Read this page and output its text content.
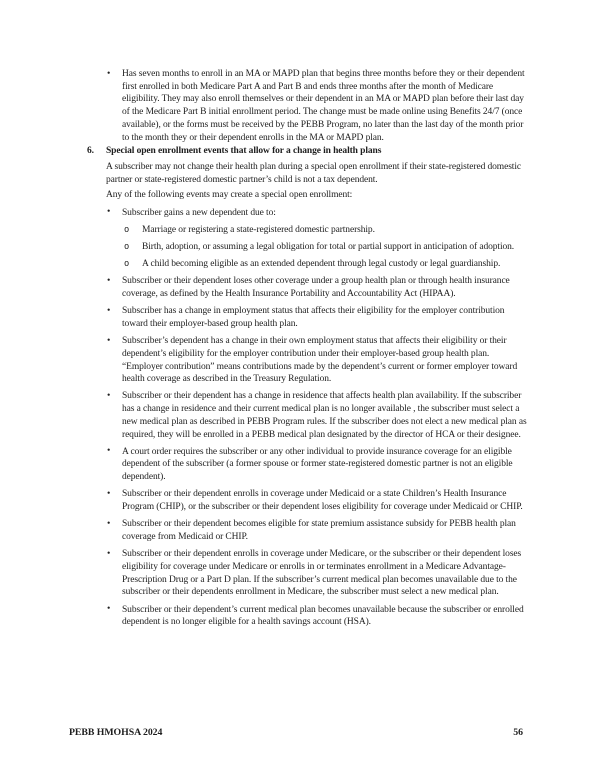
• Has seven months to enroll in an MA or MAPD plan that begins three months before they or their dependent first enrolled in both Medicare Part A and Part B and ends three months after the month of Medicare eligibility. They may also enroll themselves or their dependent in an MA or MAPD plan before their last day of the Medicare Part B initial enrollment period. The change must be made online using Benefits 24/7 (once available), or the forms must be received by the PEBB Program, no later than the last day of the month prior to the month they or their dependent enrolls in the MA or MAPD plan.
6. Special open enrollment events that allow for a change in health plans

A subscriber may not change their health plan during a special open enrollment if their state-registered domestic partner or state-registered domestic partner’s child is not a tax dependent.

Any of the following events may create a special open enrollment:

• Subscriber gains a new dependent due to:
o Marriage or registering a state-registered domestic partnership.
o Birth, adoption, or assuming a legal obligation for total or partial support in anticipation of adoption.
o A child becoming eligible as an extended dependent through legal custody or legal guardianship.
• Subscriber or their dependent loses other coverage under a group health plan or through health insurance coverage, as defined by the Health Insurance Portability and Accountability Act (HIPAA).
• Subscriber has a change in employment status that affects their eligibility for the employer contribution toward their employer-based group health plan.
• Subscriber’s dependent has a change in their own employment status that affects their eligibility or their dependent’s eligibility for the employer contribution under their employer-based group health plan. “Employer contribution” means contributions made by the dependent’s current or former employer toward health coverage as described in the Treasury Regulation.
• Subscriber or their dependent has a change in residence that affects health plan availability. If the subscriber has a change in residence and their current medical plan is no longer available , the subscriber must select a new medical plan as described in PEBB Program rules. If the subscriber does not elect a new medical plan as required, they will be enrolled in a PEBB medical plan designated by the director of HCA or their designee.
• A court order requires the subscriber or any other individual to provide insurance coverage for an eligible dependent of the subscriber (a former spouse or former state-registered domestic partner is not an eligible dependent).
• Subscriber or their dependent enrolls in coverage under Medicaid or a state Children’s Health Insurance Program (CHIP), or the subscriber or their dependent loses eligibility for coverage under Medicaid or CHIP.
• Subscriber or their dependent becomes eligible for state premium assistance subsidy for PEBB health plan coverage from Medicaid or CHIP.
• Subscriber or their dependent enrolls in coverage under Medicare, or the subscriber or their dependent loses eligibility for coverage under Medicare or enrolls in or terminates enrollment in a Medicare Advantage-Prescription Drug or a Part D plan. If the subscriber’s current medical plan becomes unavailable due to the subscriber or their dependents enrollment in Medicare, the subscriber must select a new medical plan.
• Subscriber or their dependent’s current medical plan becomes unavailable because the subscriber or enrolled dependent is no longer eligible for a health savings account (HSA).
PEBB HMOHSA 2024	56
